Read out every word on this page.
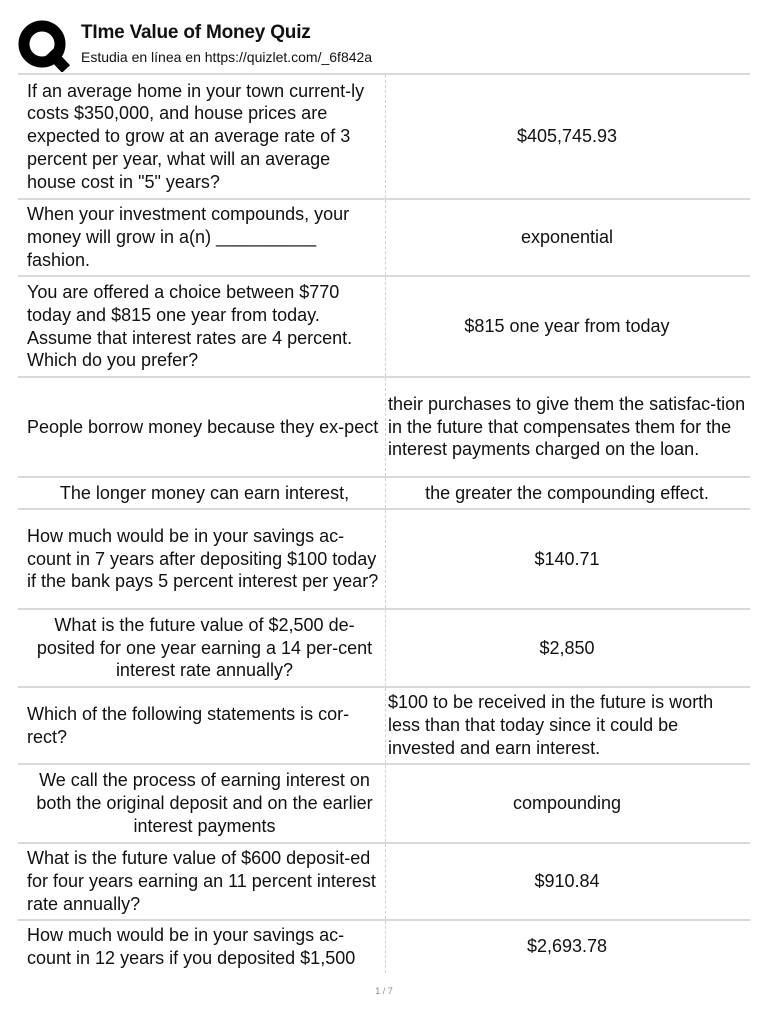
TIme Value of Money Quiz
Estudia en línea en https://quizlet.com/_6f842a
If an average home in your town current-ly costs $350,000, and house prices are expected to grow at an average rate of 3 percent per year, what will an average house cost in "5" years?	$405,745.93
When your investment compounds, your money will grow in a(n) __________ fashion.	exponential
You are offered a choice between $770 today and $815 one year from today. Assume that interest rates are 4 percent. Which do you prefer?	$815 one year from today
People borrow money because they ex-pect	their purchases to give them the satisfac-tion in the future that compensates them for the interest payments charged on the loan.
The longer money can earn interest,	the greater the compounding effect.
How much would be in your savings ac-count in 7 years after depositing $100 today if the bank pays 5 percent interest per year?	$140.71
What is the future value of $2,500 de-posited for one year earning a 14 per-cent interest rate annually?	$2,850
Which of the following statements is cor-rect?	$100 to be received in the future is worth less than that today since it could be invested and earn interest.
We call the process of earning interest on both the original deposit and on the earlier interest payments	compounding
What is the future value of $600 deposit-ed for four years earning an 11 percent interest rate annually?	$910.84
How much would be in your savings ac-count in 12 years if you deposited $1,500	$2,693.78
1 / 7
